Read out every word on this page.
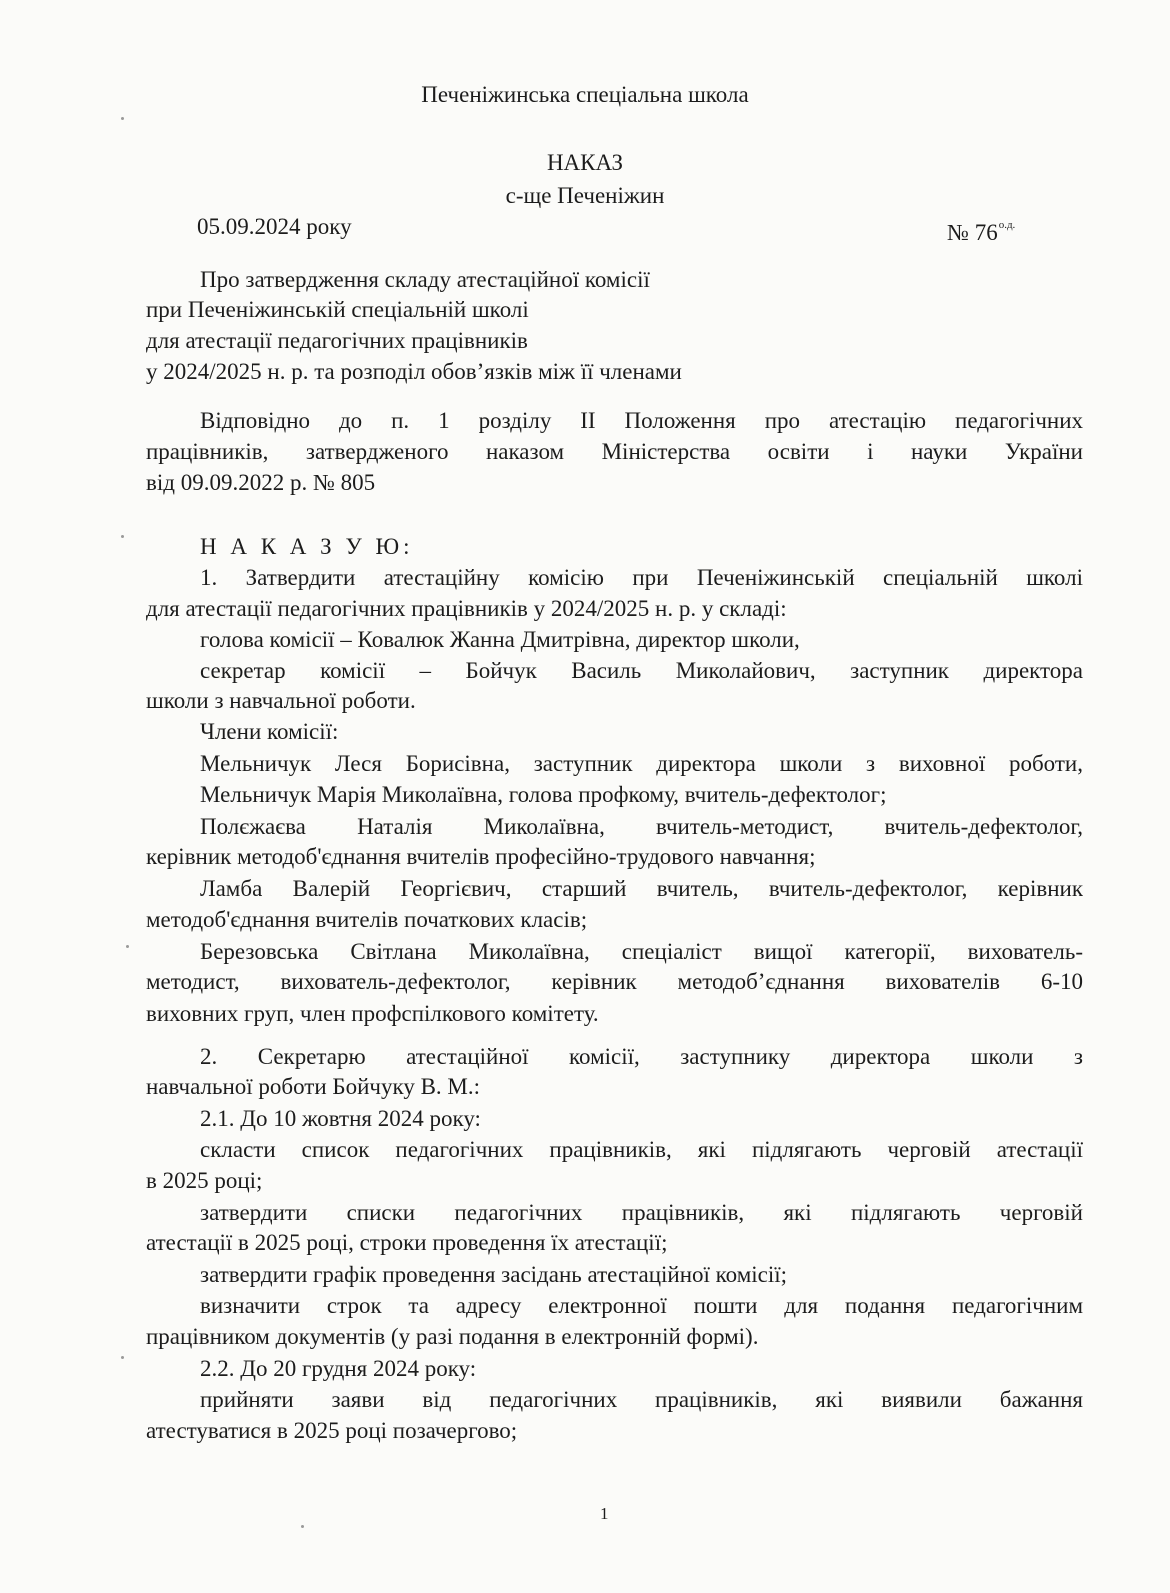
Печеніжинська спеціальна школа
НАКАЗ
с-ще Печеніжин
05.09.2024 року	№ $76^{о.д.}$
Про затвердження складу атестаційної комісії
при Печеніжинській спеціальній школі
для атестації педагогічних працівників
у 2024/2025 н. р. та розподіл обов’язків між її членами
Відповідно до п. 1 розділу ІІ Положення про атестацію педагогічних
працівників, затвердженого наказом Міністерства освіти і науки України
від 09.09.2022 р. № 805
Н А К А З У Ю:
1. Затвердити атестаційну комісію при Печеніжинській спеціальній школі
для атестації педагогічних працівників у 2024/2025 н. р. у складі:
голова комісії – Ковалюк Жанна Дмитрівна, директор школи,
секретар комісії – Бойчук Василь Миколайович, заступник директора
школи з навчальної роботи.
Члени комісії:
Мельничук Леся Борисівна, заступник директора школи з виховної роботи,
Мельничук Марія Миколаївна, голова профкому, вчитель-дефектолог;
Полєжаєва Наталія Миколаївна, вчитель-методист, вчитель-дефектолог,
керівник методоб'єднання вчителів професійно-трудового навчання;
Ламба Валерій Георгієвич, старший вчитель, вчитель-дефектолог, керівник
методоб'єднання вчителів початкових класів;
Березовська Світлана Миколаївна, спеціаліст вищої категорії, вихователь-
методист, вихователь-дефектолог, керівник методоб’єднання вихователів 6-10
виховних груп, член профспілкового комітету.
2. Секретарю атестаційної комісії, заступнику директора школи з
навчальної роботи Бойчуку В. М.:
2.1. До 10 жовтня 2024 року:
скласти список педагогічних працівників, які підлягають черговій атестації
в 2025 році;
затвердити списки педагогічних працівників, які підлягають черговій
атестації в 2025 році, строки проведення їх атестації;
затвердити графік проведення засідань атестаційної комісії;
визначити строк та адресу електронної пошти для подання педагогічним
працівником документів (у разі подання в електронній формі).
2.2. До 20 грудня 2024 року:
прийняти заяви від педагогічних працівників, які виявили бажання
атестуватися в 2025 році позачергово;
1
